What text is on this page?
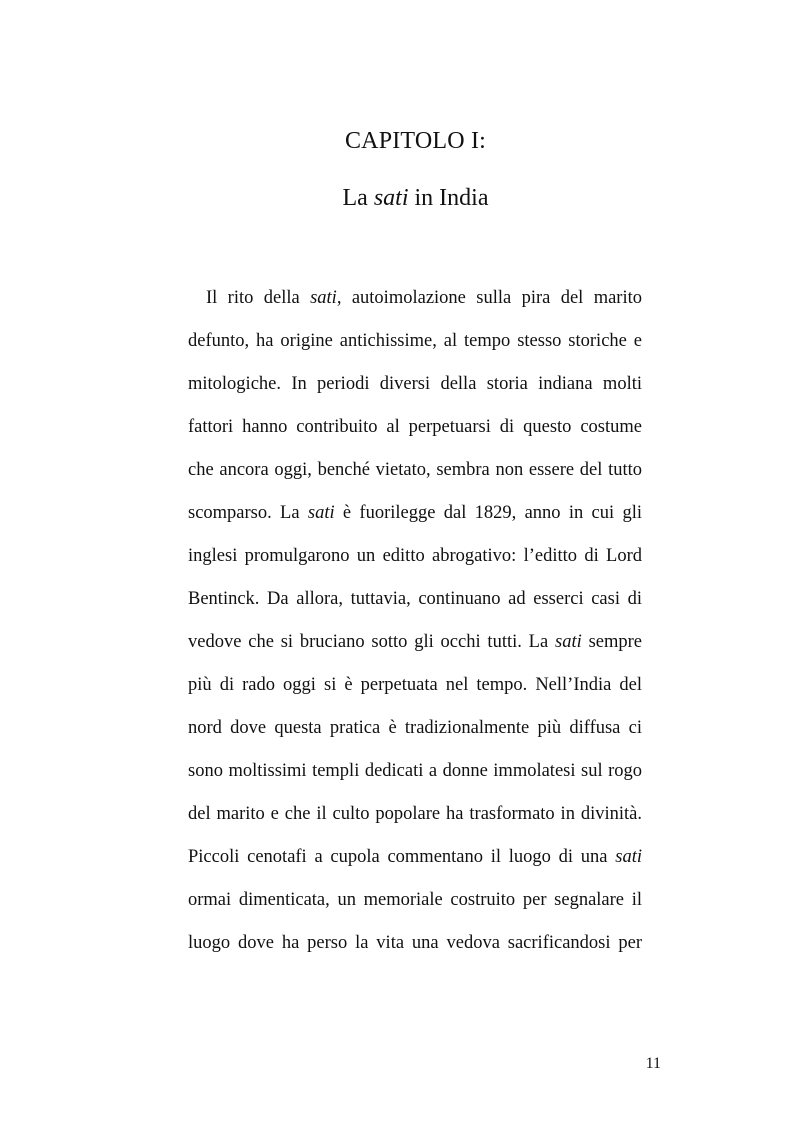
CAPITOLO I:
La sati in India
Il rito della sati, autoimolazione sulla pira del marito
defunto, ha origine antichissime, al tempo stesso storiche e
mitologiche. In periodi diversi della storia indiana molti
fattori hanno contribuito al perpetuarsi di questo costume
che ancora oggi, benché vietato, sembra non essere del tutto
scomparso. La sati è fuorilegge dal 1829, anno in cui gli
inglesi promulgarono un editto abrogativo: l’editto di Lord
Bentinck. Da allora, tuttavia, continuano ad esserci casi di
vedove che si bruciano sotto gli occhi tutti. La sati sempre
più di rado oggi si è perpetuata nel tempo. Nell’India del
nord dove questa pratica è tradizionalmente più diffusa ci
sono moltissimi templi dedicati a donne immolatesi sul rogo
del marito e che il culto popolare ha trasformato in divinità.
Piccoli cenotafi a cupola commentano il luogo di una sati
ormai dimenticata, un memoriale costruito per segnalare il
luogo dove ha perso la vita una vedova sacrificandosi per
11
